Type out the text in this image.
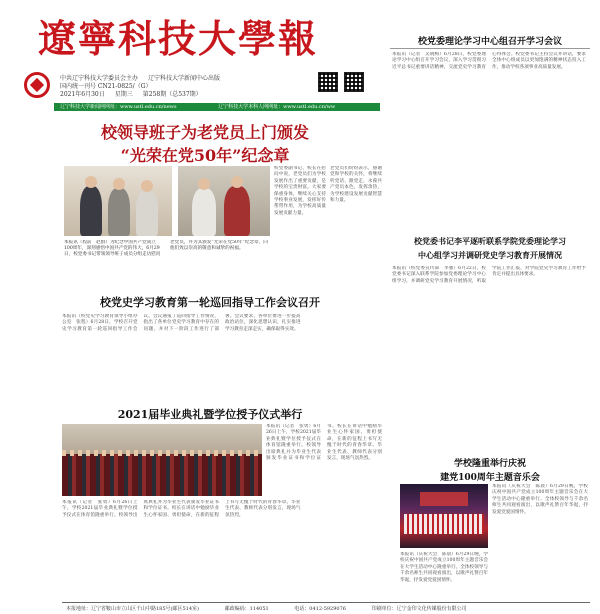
遼寧科技大學報
中共辽宁科技大学委员会主办 辽宁科技大学新闻中心出版
国内统一刊号 CN21-0825/（G）
2021年6月30日 星期三 第258期（总537期）
辽宁科技大学新闻网网址：www.ustl.edu.cn/news	辽宁科技大学本科人网网址：www.ustl.edu.cn/ww
校党委理论学习中心组召开学习会议
本报讯（记者　吴晓梅）6月28日，校党委理论学习中心组召开学习会议，深入学习贯彻习近平总书记重要讲话精神，交流党史学习教育心得体会。校党委书记主持会议并讲话，要求全体中心组成员以更加饱满的精神状态投入工作，推动学校各项事业高质量发展。
校领导班子为老党员上门颁发
“光荣在党50年”纪念章
校党委副书记、校长在慰问中说，老党员们为学校发展作出了重要贡献，是学校的宝贵财富。大家要保重身体，继续关心支持学校事业发展，发挥好传帮带作用，为学校高质量发展贡献力量。
老党员们纷纷表示，感谢党和学校的关怀，将继续听党话、跟党走，永葆共产党员本色，发挥余热，为学校建设发展贡献智慧和力量。
本报讯（程前　赵群）为纪念中国共产党成立100周年，深刻感悟中国共产党的伟大，6月29日，校党委书记带领领导班子成员分组走访慰问老党员，并为其颁发“光荣在党50年”纪念章，向他们致以崇高的敬意和诚挚的祝福。
校党史学习教育第一轮巡回指导工作会议召开
本报讯（校党史学习教育领导小组办公室　张程）6月28日，学校召开党史学习教育第一轮巡回指导工作会议。会议通报了巡回指导工作情况，指出了各单位党史学习教育中存在的问题，并对下一阶段工作进行了部署。会议要求，各单位要进一步提高政治站位，深化思想认识，扎实推进学习教育走深走实，确保取得实效。
2021届毕业典礼暨学位授予仪式举行
本报讯（记者　张勇）6月26日上午，学校2021届毕业典礼暨学位授予仪式在体育馆隆重举行。校领导出席典礼并为毕业生代表颁发毕业证书和学位证书。校长在讲话中勉励毕业生心怀家国、勇担使命，在新的征程上书写无愧于时代的青春华章。毕业生代表、教师代表分别发言，现场气氛热烈。
本报讯（记者　张勇）6月26日上午，学校2021届毕业典礼暨学位授予仪式在体育馆隆重举行。校领导出席典礼并为毕业生代表颁发毕业证书和学位证书。校长在讲话中勉励毕业生心怀家国、勇担使命，在新的征程上书写无愧于时代的青春华章。毕业生代表、教师代表分别发言，现场气氛热烈。
校党委书记李平逐听联系学院党委理论学习
中心组学习并调研党史学习教育开展情况
本报讯（校党委宣传部　李强）6月22日，校党委书记深入联系学院参加党委理论学习中心组学习，并调研党史学习教育开展情况，听取学院工作汇报，对学院党史学习教育工作给予肯定并提出具体要求。
学校隆重举行庆祝
建党100周年主题音乐会
本报讯（庆祝大会　陈晨）6月29日晚，学校庆祝中国共产党成立100周年主题音乐会在大学生活动中心隆重举行。全体校领导与千余名师生共同观看演出，以歌声礼赞百年华诞，抒发爱党爱国情怀。
本报讯（庆祝大会　陈晨）6月29日晚，学校庆祝中国共产党成立100周年主题音乐会在大学生活动中心隆重举行。全体校领导与千余名师生共同观看演出，以歌声礼赞百年华诞，抒发爱党爱国情怀。
本报地址：辽宁省鞍山市立山区千山中路185号(邮区514室)	邮政编码：114051	电话：0412-5929076	印刷单位：辽宁金印文化传媒股份有限公司
